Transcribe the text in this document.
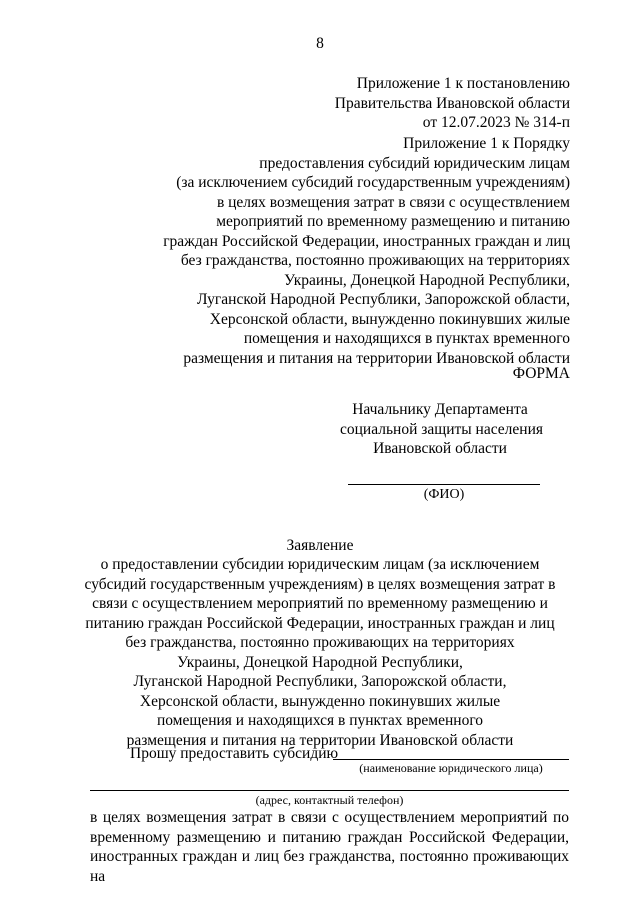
8
Приложение 1 к постановлению
Правительства Ивановской области
от 12.07.2023 № 314-п
Приложение 1 к Порядку
предоставления субсидий юридическим лицам
(за исключением субсидий государственным учреждениям)
в целях возмещения затрат в связи с осуществлением
мероприятий по временному размещению и питанию
граждан Российской Федерации, иностранных граждан и лиц
без гражданства, постоянно проживающих на территориях
Украины, Донецкой Народной Республики,
Луганской Народной Республики, Запорожской области,
Херсонской области, вынужденно покинувших жилые
помещения и находящихся в пунктах временного
размещения и питания на территории Ивановской области
ФОРМА
Начальнику Департамента
социальной защиты населения
Ивановской области
(ФИО)
Заявление
о предоставлении субсидии юридическим лицам (за исключением
субсидий государственным учреждениям) в целях возмещения затрат в
связи с осуществлением мероприятий по временному размещению и
питанию граждан Российской Федерации, иностранных граждан и лиц
без гражданства, постоянно проживающих на территориях
Украины, Донецкой Народной Республики,
Луганской Народной Республики, Запорожской области,
Херсонской области, вынужденно покинувших жилые
помещения и находящихся в пунктах временного
размещения и питания на территории Ивановской области
Прошу предоставить субсидию
(наименование юридического лица)
(адрес, контактный телефон)
в целях возмещения затрат в связи с осуществлением мероприятий по
временному размещению и питанию граждан Российской Федерации,
иностранных граждан и лиц без гражданства, постоянно проживающих на
